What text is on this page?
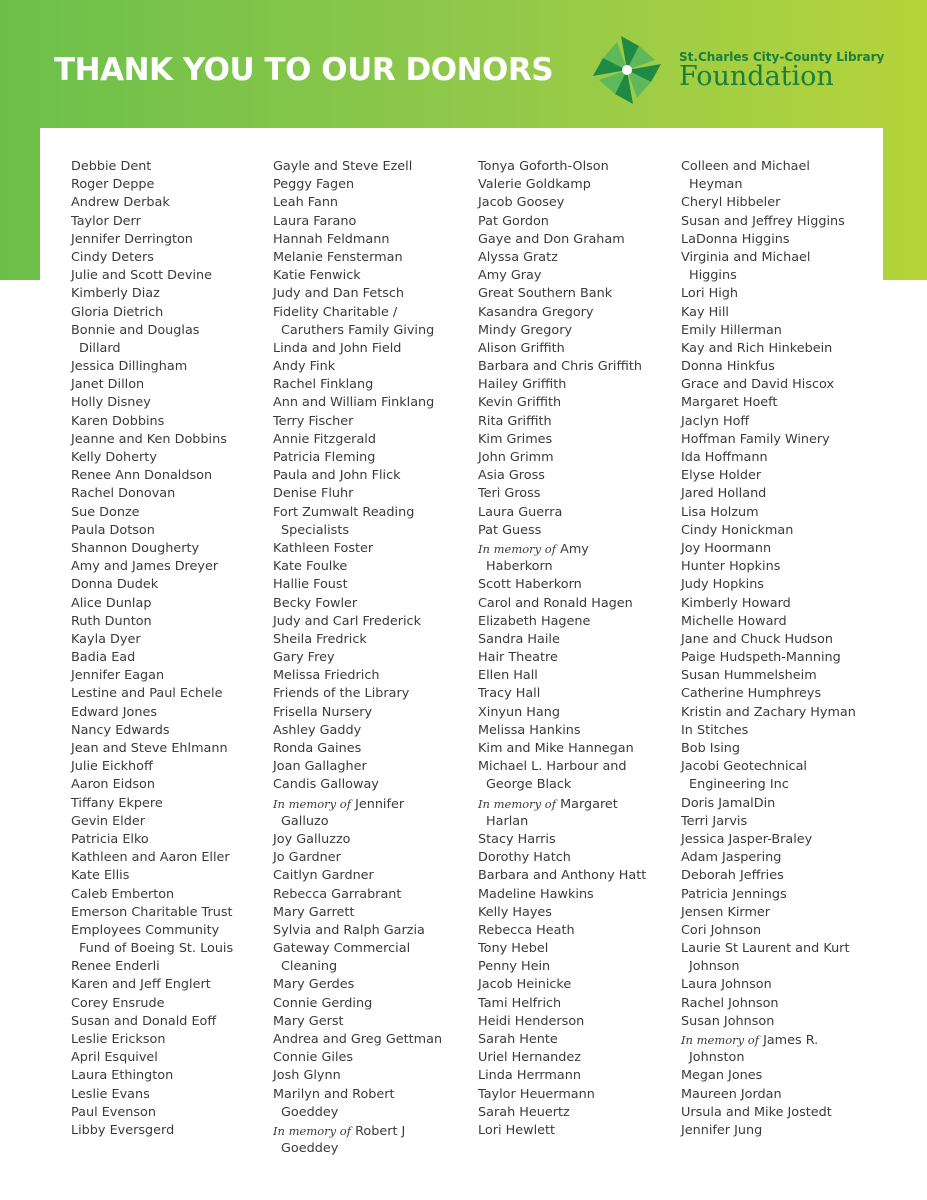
THANK YOU TO OUR DONORS	St.Charles City-County Library
Foundation
Debbie Dent
Roger Deppe
Andrew Derbak
Taylor Derr
Jennifer Derrington
Cindy Deters
Julie and Scott Devine
Kimberly Diaz
Gloria Dietrich
Bonnie and Douglas
Dillard
Jessica Dillingham
Janet Dillon
Holly Disney
Karen Dobbins
Jeanne and Ken Dobbins
Kelly Doherty
Renee Ann Donaldson
Rachel Donovan
Sue Donze
Paula Dotson
Shannon Dougherty
Amy and James Dreyer
Donna Dudek
Alice Dunlap
Ruth Dunton
Kayla Dyer
Badia Ead
Jennifer Eagan
Lestine and Paul Echele
Edward Jones
Nancy Edwards
Jean and Steve Ehlmann
Julie Eickhoff
Aaron Eidson
Tiffany Ekpere
Gevin Elder
Patricia Elko
Kathleen and Aaron Eller
Kate Ellis
Caleb Emberton
Emerson Charitable Trust
Employees Community
Fund of Boeing St. Louis
Renee Enderli
Karen and Jeff Englert
Corey Ensrude
Susan and Donald Eoff
Leslie Erickson
April Esquivel
Laura Ethington
Leslie Evans
Paul Evenson
Libby Eversgerd
Gayle and Steve Ezell
Peggy Fagen
Leah Fann
Laura Farano
Hannah Feldmann
Melanie Fensterman
Katie Fenwick
Judy and Dan Fetsch
Fidelity Charitable /
Caruthers Family Giving
Linda and John Field
Andy Fink
Rachel Finklang
Ann and William Finklang
Terry Fischer
Annie Fitzgerald
Patricia Fleming
Paula and John Flick
Denise Fluhr
Fort Zumwalt Reading
Specialists
Kathleen Foster
Kate Foulke
Hallie Foust
Becky Fowler
Judy and Carl Frederick
Sheila Fredrick
Gary Frey
Melissa Friedrich
Friends of the Library
Frisella Nursery
Ashley Gaddy
Ronda Gaines
Joan Gallagher
Candis Galloway
In memory of Jennifer
Galluzo
Joy Galluzzo
Jo Gardner
Caitlyn Gardner
Rebecca Garrabrant
Mary Garrett
Sylvia and Ralph Garzia
Gateway Commercial
Cleaning
Mary Gerdes
Connie Gerding
Mary Gerst
Andrea and Greg Gettman
Connie Giles
Josh Glynn
Marilyn and Robert
Goeddey
In memory of Robert J
Goeddey
Tonya Goforth-Olson
Valerie Goldkamp
Jacob Goosey
Pat Gordon
Gaye and Don Graham
Alyssa Gratz
Amy Gray
Great Southern Bank
Kasandra Gregory
Mindy Gregory
Alison Griffith
Barbara and Chris Griffith
Hailey Griffith
Kevin Griffith
Rita Griffith
Kim Grimes
John Grimm
Asia Gross
Teri Gross
Laura Guerra
Pat Guess
In memory of Amy
Haberkorn
Scott Haberkorn
Carol and Ronald Hagen
Elizabeth Hagene
Sandra Haile
Hair Theatre
Ellen Hall
Tracy Hall
Xinyun Hang
Melissa Hankins
Kim and Mike Hannegan
Michael L. Harbour and
George Black
In memory of Margaret
Harlan
Stacy Harris
Dorothy Hatch
Barbara and Anthony Hatt
Madeline Hawkins
Kelly Hayes
Rebecca Heath
Tony Hebel
Penny Hein
Jacob Heinicke
Tami Helfrich
Heidi Henderson
Sarah Hente
Uriel Hernandez
Linda Herrmann
Taylor Heuermann
Sarah Heuertz
Lori Hewlett
Colleen and Michael
Heyman
Cheryl Hibbeler
Susan and Jeffrey Higgins
LaDonna Higgins
Virginia and Michael
Higgins
Lori High
Kay Hill
Emily Hillerman
Kay and Rich Hinkebein
Donna Hinkfus
Grace and David Hiscox
Margaret Hoeft
Jaclyn Hoff
Hoffman Family Winery
Ida Hoffmann
Elyse Holder
Jared Holland
Lisa Holzum
Cindy Honickman
Joy Hoormann
Hunter Hopkins
Judy Hopkins
Kimberly Howard
Michelle Howard
Jane and Chuck Hudson
Paige Hudspeth-Manning
Susan Hummelsheim
Catherine Humphreys
Kristin and Zachary Hyman
In Stitches
Bob Ising
Jacobi Geotechnical
Engineering Inc
Doris JamalDin
Terri Jarvis
Jessica Jasper-Braley
Adam Jaspering
Deborah Jeffries
Patricia Jennings
Jensen Kirmer
Cori Johnson
Laurie St Laurent and Kurt
Johnson
Laura Johnson
Rachel Johnson
Susan Johnson
In memory of James R.
Johnston
Megan Jones
Maureen Jordan
Ursula and Mike Jostedt
Jennifer Jung
